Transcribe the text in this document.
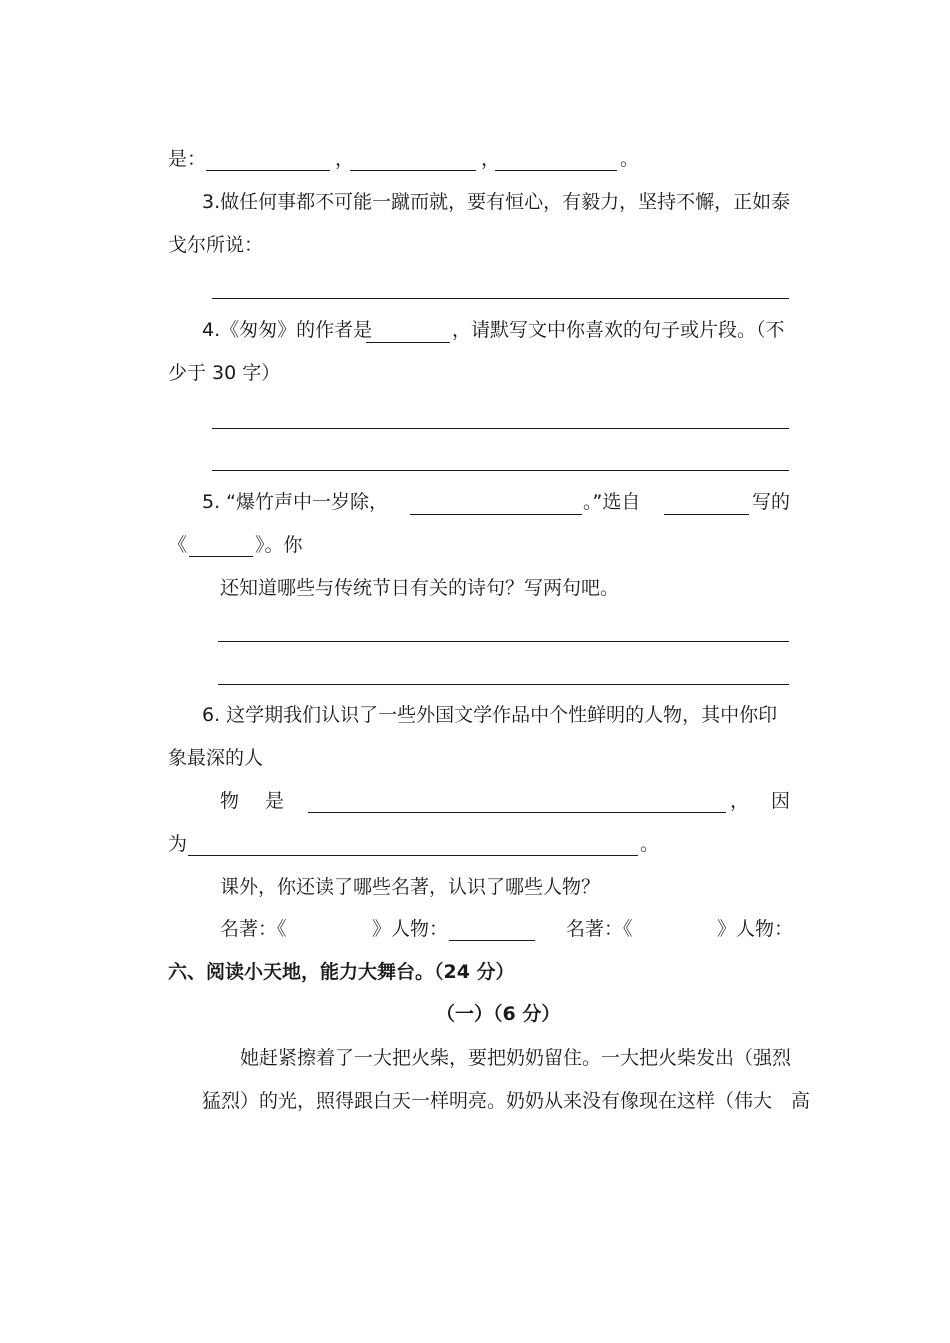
是：	，	，	。
3.做任何事都不可能一蹴而就，要有恒心，有毅力，坚持不懈，正如泰
戈尔所说：
4.《匆匆》的作者是	，请默写文中你喜欢的句子或片段。（不
少于 30 字）
5. “爆竹声中一岁除，	。”选自	写的
《	》。你
还知道哪些与传统节日有关的诗句？写两句吧。
6. 这学期我们认识了一些外国文学作品中个性鲜明的人物，其中你印
象最深的人
物 是	， 因
为	。
课外，你还读了哪些名著，认识了哪些人物？
名著：《	》人物：	名著：《	》人物：
六、阅读小天地，能力大舞台。（24 分）
（一）（6 分）
她赶紧擦着了一大把火柴，要把奶奶留住。一大把火柴发出（强烈
猛烈）的光，照得跟白天一样明亮。奶奶从来没有像现在这样（伟大　高
